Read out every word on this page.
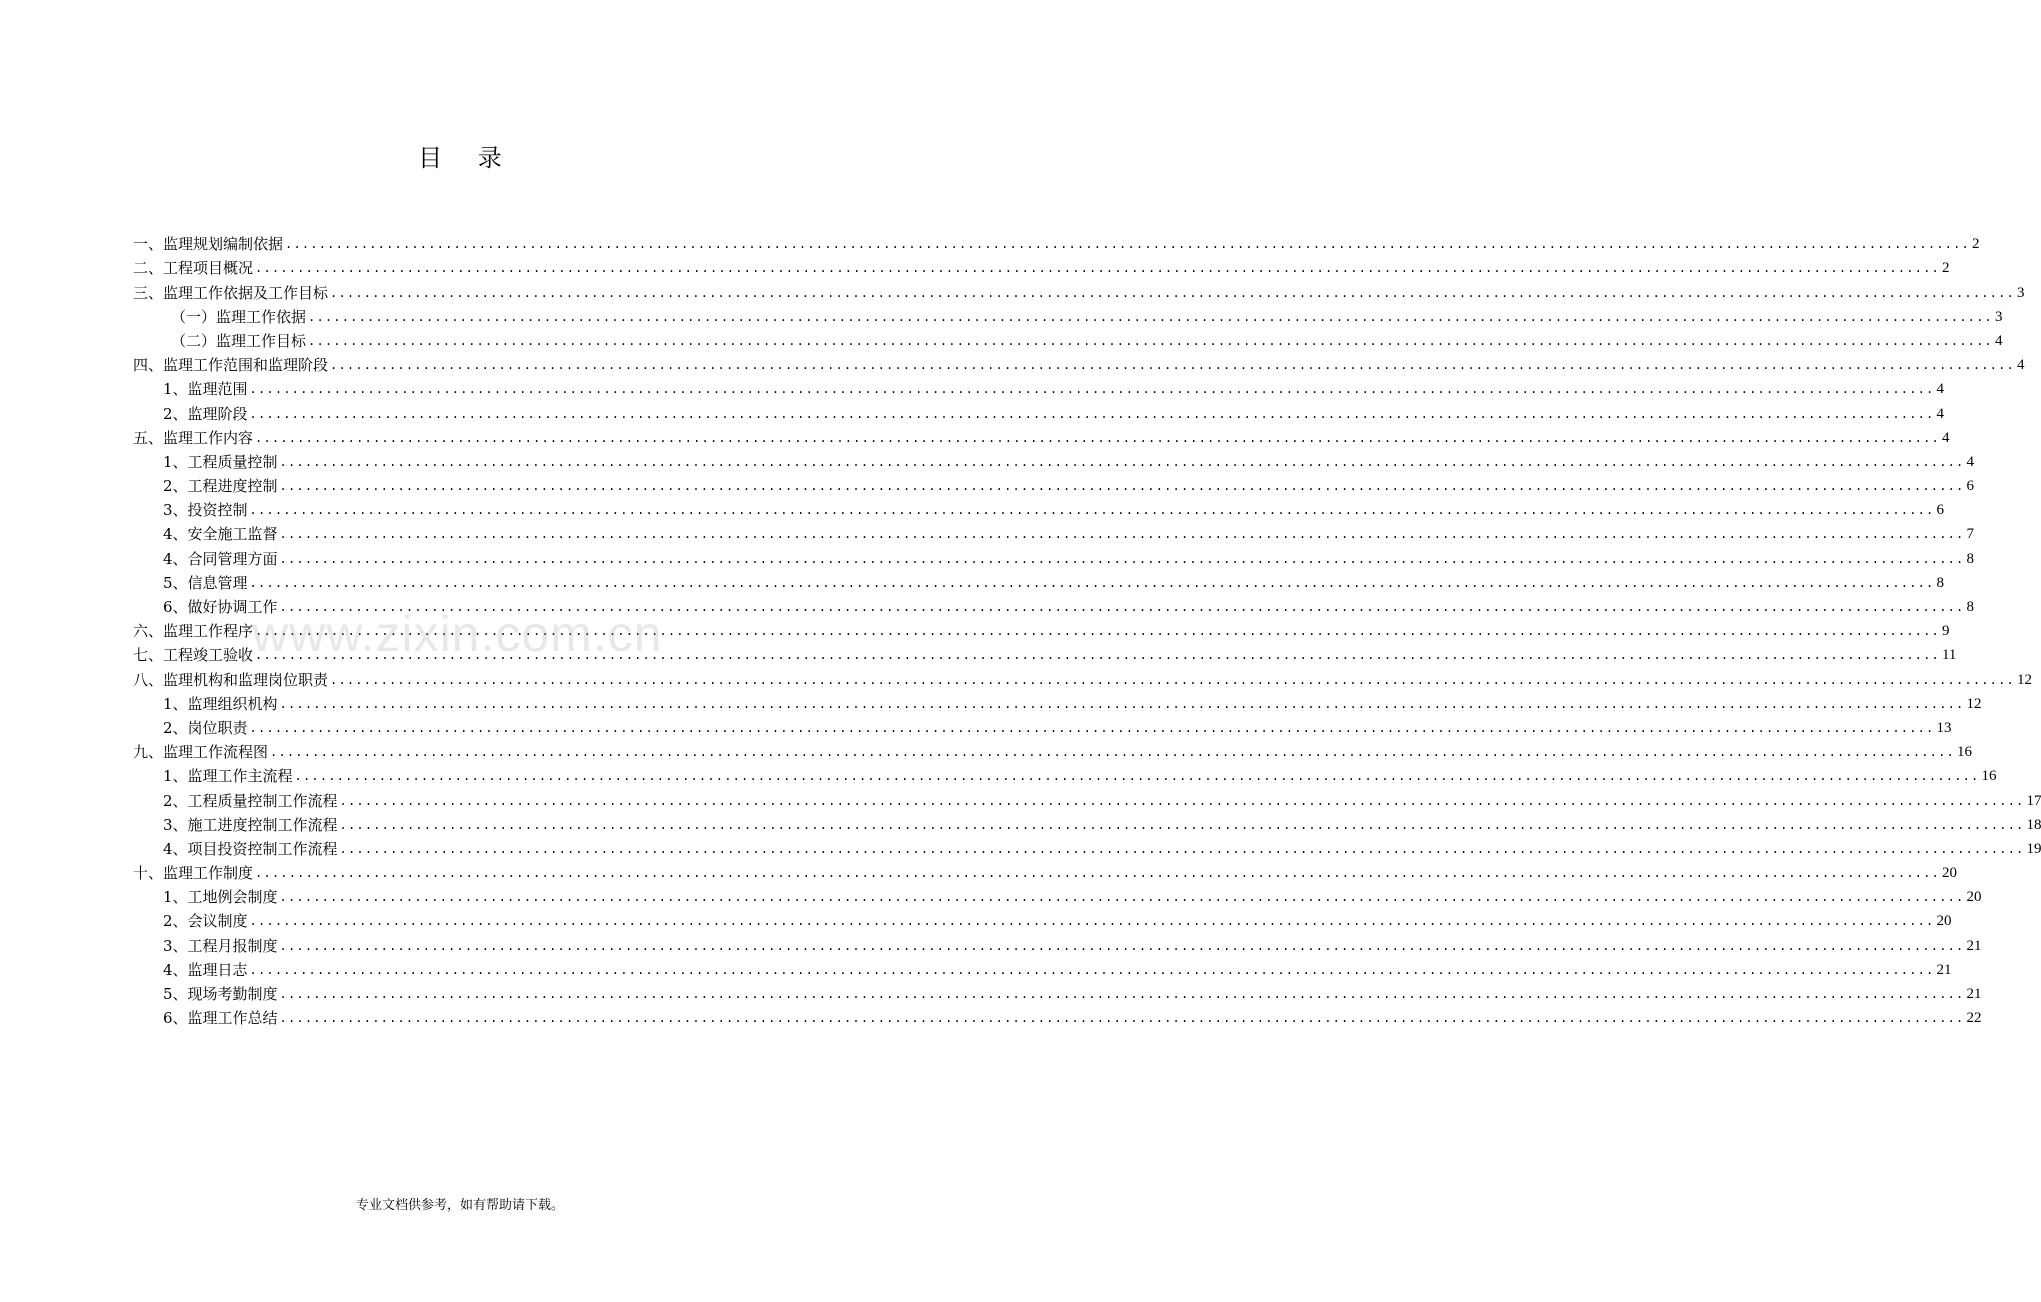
目 录
一、监理规划编制依据 ........................................................................................................................................................................................................ 2
二、工程项目概况 ........................................................................................................................................................................................................ 2
三、监理工作依据及工作目标 ........................................................................................................................................................................................................ 3
（一）监理工作依据 ........................................................................................................................................................................................................ 3
（二）监理工作目标 ........................................................................................................................................................................................................ 4
四、监理工作范围和监理阶段 ........................................................................................................................................................................................................ 4
1、监理范围 ........................................................................................................................................................................................................ 4
2、监理阶段 ........................................................................................................................................................................................................ 4
五、监理工作内容 ........................................................................................................................................................................................................ 4
1、工程质量控制 ........................................................................................................................................................................................................ 4
2、工程进度控制 ........................................................................................................................................................................................................ 6
3、投资控制 ........................................................................................................................................................................................................ 6
4、安全施工监督 ........................................................................................................................................................................................................ 7
4、合同管理方面 ........................................................................................................................................................................................................ 8
5、信息管理 ........................................................................................................................................................................................................ 8
6、做好协调工作 ........................................................................................................................................................................................................ 8
六、监理工作程序 ........................................................................................................................................................................................................ 9
七、工程竣工验收 ........................................................................................................................................................................................................ 11
八、监理机构和监理岗位职责 ........................................................................................................................................................................................................ 12
1、监理组织机构 ........................................................................................................................................................................................................ 12
2、岗位职责 ........................................................................................................................................................................................................ 13
九、监理工作流程图 ........................................................................................................................................................................................................ 16
1、监理工作主流程 ........................................................................................................................................................................................................ 16
2、工程质量控制工作流程 ........................................................................................................................................................................................................ 17
3、施工进度控制工作流程 ........................................................................................................................................................................................................ 18
4、项目投资控制工作流程 ........................................................................................................................................................................................................ 19
十、监理工作制度 ........................................................................................................................................................................................................ 20
1、工地例会制度 ........................................................................................................................................................................................................ 20
2、会议制度 ........................................................................................................................................................................................................ 20
3、工程月报制度 ........................................................................................................................................................................................................ 21
4、监理日志 ........................................................................................................................................................................................................ 21
5、现场考勤制度 ........................................................................................................................................................................................................ 21
6、监理工作总结 ........................................................................................................................................................................................................ 22
www.zixin.com.cn
专业文档供参考，如有帮助请下载。
